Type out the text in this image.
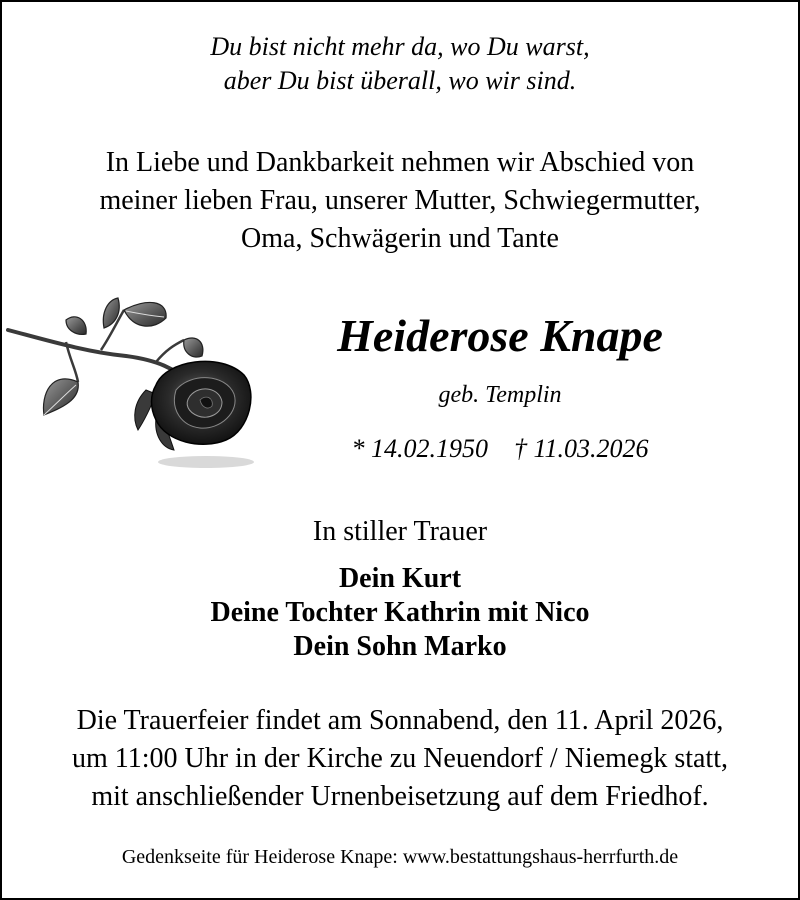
Du bist nicht mehr da, wo Du warst,
aber Du bist überall, wo wir sind.
In Liebe und Dankbarkeit nehmen wir Abschied von
meiner lieben Frau, unserer Mutter, Schwiegermutter,
Oma, Schwägerin und Tante
Heiderose Knape
geb. Templin
* 14.02.1950    † 11.03.2026
In stiller Trauer
Dein Kurt
Deine Tochter Kathrin mit Nico
Dein Sohn Marko
Die Trauerfeier findet am Sonnabend, den 11. April 2026,
um 11:00 Uhr in der Kirche zu Neuendorf / Niemegk statt,
mit anschließender Urnenbeisetzung auf dem Friedhof.
Gedenkseite für Heiderose Knape: www.bestattungshaus-herrfurth.de
